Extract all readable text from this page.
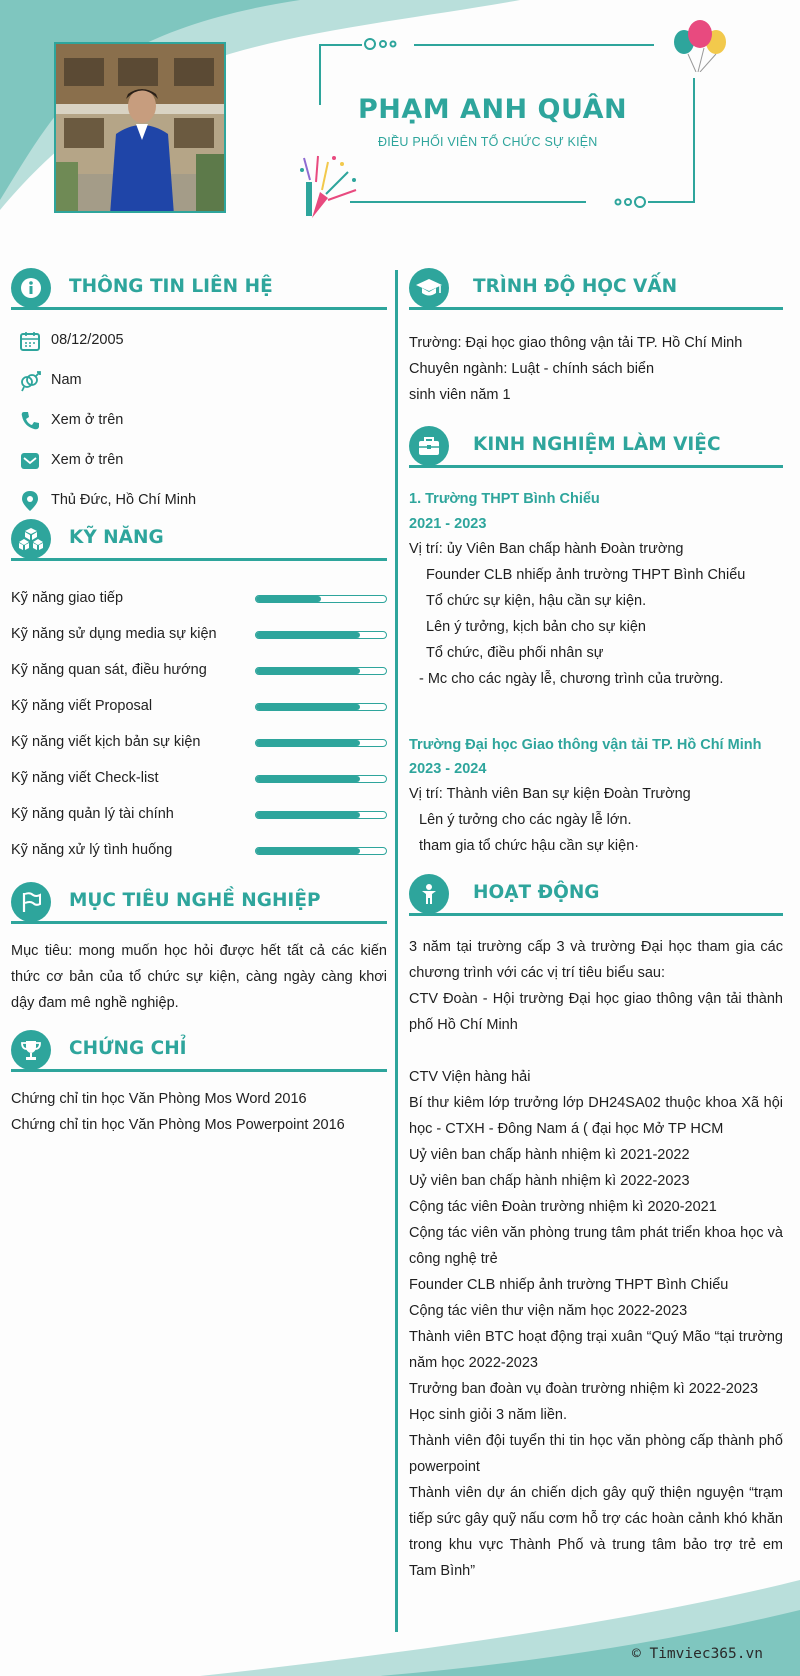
PHẠM ANH QUÂN
ĐIỀU PHỐI VIÊN TỔ CHỨC SỰ KIỆN
THÔNG TIN LIÊN HỆ
08/12/2005
Nam
Xem ở trên
Xem ở trên
Thủ Đức, Hồ Chí Minh
KỸ NĂNG
Kỹ năng giao tiếp
Kỹ năng sử dụng media sự kiện
Kỹ năng quan sát, điều hướng
Kỹ năng viết Proposal
Kỹ năng viết kịch bản sự kiện
Kỹ năng viết Check-list
Kỹ năng quản lý tài chính
Kỹ năng xử lý tình huống
MỤC TIÊU NGHỀ NGHIỆP
Mục tiêu: mong muốn học hỏi được hết tất cả các kiến thức cơ bản của tổ chức sự kiện, càng ngày càng khơi dậy đam mê nghề nghiệp.
CHỨNG CHỈ
Chứng chỉ tin học Văn Phòng Mos Word 2016
Chứng chỉ tin học Văn Phòng Mos Powerpoint 2016
TRÌNH ĐỘ HỌC VẤN
Trường: Đại học giao thông vận tải TP. Hồ Chí Minh
Chuyên ngành: Luật - chính sách biển
sinh viên năm 1
KINH NGHIỆM LÀM VIỆC
1. Trường THPT Bình Chiểu
2021 - 2023
Vị trí: ủy Viên Ban chấp hành Đoàn trường
Founder CLB nhiếp ảnh trường THPT Bình Chiểu
Tổ chức sự kiện, hậu cần sự kiện.
Lên ý tưởng, kịch bản cho sự kiện
Tổ chức, điều phối nhân sự
- Mc cho các ngày lễ, chương trình của trường.
Trường Đại học Giao thông vận tải TP. Hồ Chí Minh
2023 - 2024
Vị trí: Thành viên Ban sự kiện Đoàn Trường
Lên ý tưởng cho các ngày lễ lớn.
tham gia tổ chức hậu cần sự kiện·
HOẠT ĐỘNG
3 năm tại trường cấp 3 và trường Đại học tham gia các chương trình với các vị trí tiêu biểu sau:
CTV Đoàn - Hội trường Đại học giao thông vận tải thành phố Hồ Chí Minh
CTV Viện hàng hải
Bí thư kiêm lớp trưởng lớp DH24SA02 thuộc khoa Xã hội học - CTXH - Đông Nam á ( đại học Mở TP HCM
Uỷ viên ban chấp hành nhiệm kì 2021-2022
Uỷ viên ban chấp hành nhiệm kì 2022-2023
Cộng tác viên Đoàn trường nhiệm kì 2020-2021
Cộng tác viên văn phòng trung tâm phát triển khoa học và công nghệ trẻ
Founder CLB nhiếp ảnh trường THPT Bình Chiểu
Cộng tác viên thư viện năm học 2022-2023
Thành viên BTC hoạt động trại xuân “Quý Mão “tại trường năm học 2022-2023
Trưởng ban đoàn vụ đoàn trường nhiệm kì 2022-2023
Học sinh giỏi 3 năm liền.
Thành viên đội tuyển thi tin học văn phòng cấp thành phố powerpoint
Thành viên dự án chiến dịch gây quỹ thiện nguyện “trạm tiếp sức gây quỹ nấu cơm hỗ trợ các hoàn cảnh khó khăn trong khu vực Thành Phố và trung tâm bảo trợ trẻ em Tam Bình”
© Timviec365.vn
